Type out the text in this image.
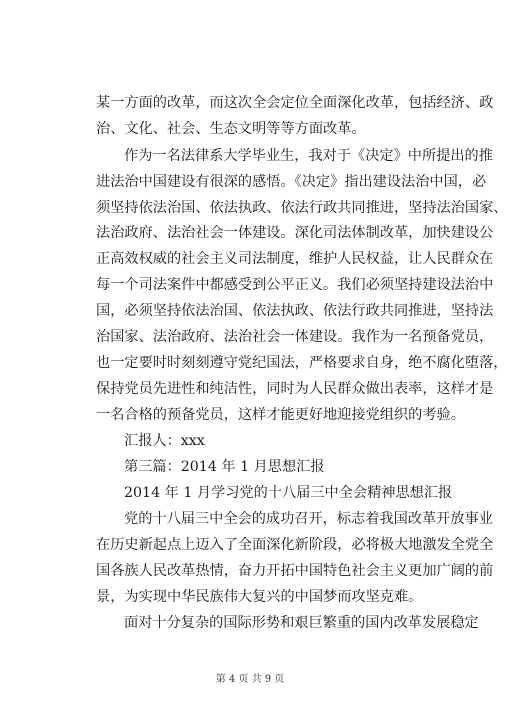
某一方面的改革，而这次全会定位全面深化改革，包括经济、政
治、文化、社会、生态文明等等方面改革。
作为一名法律系大学毕业生，我对于《决定》中所提出的推
进法治中国建设有很深的感悟。《决定》指出建设法治中国，必
须坚持依法治国、依法执政、依法行政共同推进，坚持法治国家、
法治政府、法治社会一体建设。深化司法体制改革，加快建设公
正高效权威的社会主义司法制度，维护人民权益，让人民群众在
每一个司法案件中都感受到公平正义。我们必须坚持建设法治中
国，必须坚持依法治国、依法执政、依法行政共同推进，坚持法
治国家、法治政府、法治社会一体建设。我作为一名预备党员，
也一定要时时刻刻遵守党纪国法，严格要求自身，绝不腐化堕落，
保持党员先进性和纯洁性，同时为人民群众做出表率，这样才是
一名合格的预备党员，这样才能更好地迎接党组织的考验。
汇报人：xxx
第三篇：2014 年 1 月思想汇报
2014 年 1 月学习党的十八届三中全会精神思想汇报
党的十八届三中全会的成功召开，标志着我国改革开放事业
在历史新起点上迈入了全面深化新阶段，必将极大地激发全党全
国各族人民改革热情，奋力开拓中国特色社会主义更加广阔的前
景，为实现中华民族伟大复兴的中国梦而攻坚克难。
面对十分复杂的国际形势和艰巨繁重的国内改革发展稳定
第 4 页 共 9 页
